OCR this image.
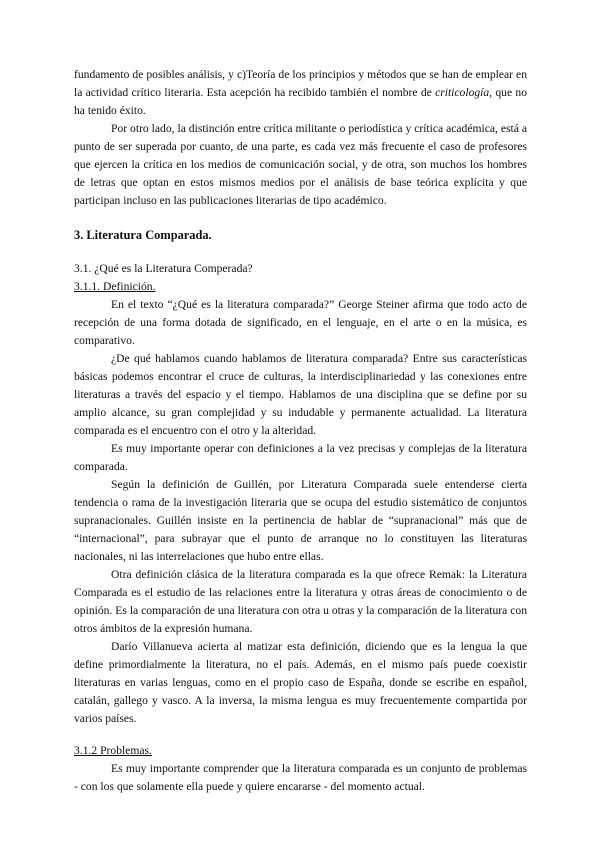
fundamento de posibles análisis, y c)Teoría de los principios y métodos que se han de emplear en la actividad crítico literaria. Esta acepción ha recibido también el nombre de criticología, que no ha tenido éxito.

Por otro lado, la distinción entre crítica militante o periodística y crítica académica, está a punto de ser superada por cuanto, de una parte, es cada vez más frecuente el caso de profesores que ejercen la crítica en los medios de comunicación social, y de otra, son muchos los hombres de letras que optan en estos mismos medios por el análisis de base teórica explícita y que participan incluso en las publicaciones literarias de tipo académico.

3. Literatura Comparada.

3.1. ¿Qué es la Literatura Comperada?

3.1.1. Definición.

En el texto “¿Qué es la literatura comparada?” George Steiner afirma que todo acto de recepción de una forma dotada de significado, en el lenguaje, en el arte o en la música, es comparativo.

¿De qué hablamos cuando hablamos de literatura comparada? Entre sus características básicas podemos encontrar el cruce de culturas, la interdisciplinariedad y las conexiones entre literaturas a través del espacio y el tiempo. Hablamos de una disciplina que se define por su amplio alcance, su gran complejidad y su indudable y permanente actualidad. La literatura comparada es el encuentro con el otro y la alteridad.

Es muy importante operar con definiciones a la vez precisas y complejas de la literatura comparada.

Según la definición de Guillén, por Literatura Comparada suele entenderse cierta tendencia o rama de la investigación literaria que se ocupa del estudio sistemático de conjuntos supranacionales. Guillén insiste en la pertinencia de hablar de “supranacional” más que de “internacional”, para subrayar que el punto de arranque no lo constituyen las literaturas nacionales, ni las interrelaciones que hubo entre ellas.

Otra definición clásica de la literatura comparada es la que ofrece Remak: la Literatura Comparada es el estudio de las relaciones entre la literatura y otras áreas de conocimiento o de opinión. Es la comparación de una literatura con otra u otras y la comparación de la literatura con otros ámbitos de la expresión humana.

Darío Villanueva acierta al matizar esta definición, diciendo que es la lengua la que define primordialmente la literatura, no el país. Además, en el mismo país puede coexistir literaturas en varias lenguas, como en el propio caso de España, donde se escribe en español, catalán, gallego y vasco. A la inversa, la misma lengua es muy frecuentemente compartida por varios países.

3.1.2 Problemas.

Es muy importante comprender que la literatura comparada es un conjunto de problemas - con los que solamente ella puede y quiere encararse - del momento actual.
